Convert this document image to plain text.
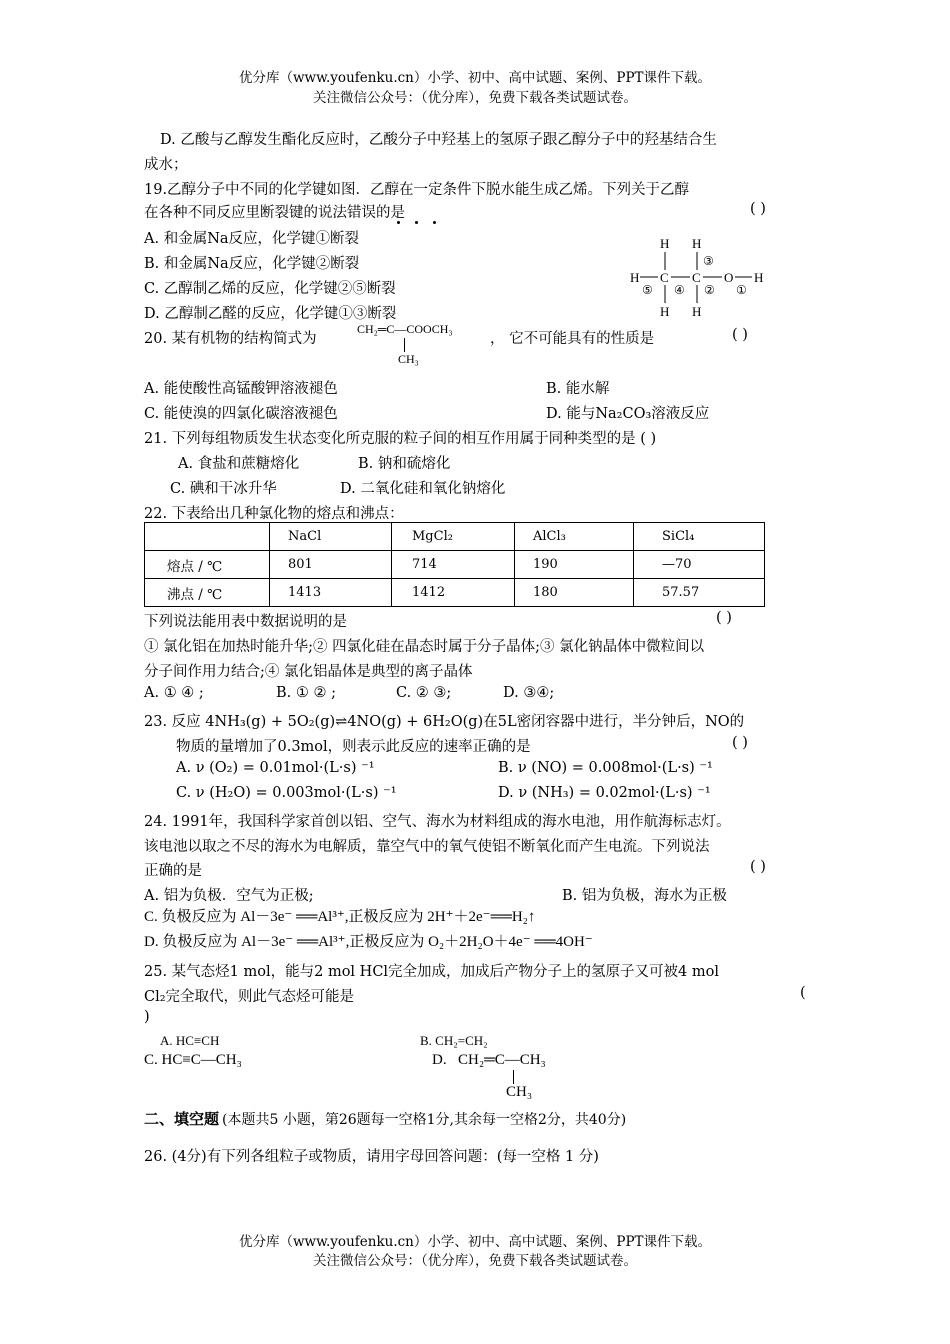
优分库（www.youfenku.cn）小学、初中、高中试题、案例、PPT课件下载。
关注微信公众号：（优分库），免费下载各类试题试卷。
D. 乙酸与乙醇发生酯化反应时，乙酸分子中羟基上的氢原子跟乙醇分子中的羟基结合生
成水；
19.乙醇分子中不同的化学键如图．乙醇在一定条件下脱水能生成乙烯。下列关于乙醇
在各种不同反应里断裂键的说法错误的是	( )
A. 和金属Na反应，化学键①断裂
B. 和金属Na反应，化学键②断裂
C. 乙醇制乙烯的反应，化学键②⑤断裂
D. 乙醇制乙醛的反应，化学键①③断裂
H H
H C C O H
H H
③
⑤ ④ ② ①
20. 某有机物的结构简式为
CH₂═C—COOCH₃
CH₃
， 它不可能具有的性质是	( )
A. 能使酸性高锰酸钾溶液褪色	B. 能水解
C. 能使溴的四氯化碳溶液褪色	D. 能与Na₂CO₃溶液反应
21. 下列每组物质发生状态变化所克服的粒子间的相互作用属于同种类型的是 ( )
A. 食盐和蔗糖熔化	B. 钠和硫熔化
C. 碘和干冰升华	D. 二氧化硅和氧化钠熔化
22. 下表给出几种氯化物的熔点和沸点：
	NaCl	MgCl₂	AlCl₃	SiCl₄
熔点 / ℃	801	714	190	—70
沸点 / ℃	1413	1412	180	57.57
下列说法能用表中数据说明的是	( )
① 氯化铝在加热时能升华;② 四氯化硅在晶态时属于分子晶体;③ 氯化钠晶体中微粒间以
分子间作用力结合;④ 氯化铝晶体是典型的离子晶体
A. ① ④ ;	B. ① ② ;	C. ② ③;	D. ③④;
23. 反应 4NH₃(g) + 5O₂(g)⇌4NO(g) + 6H₂O(g)在5L密闭容器中进行，半分钟后，NO的
物质的量增加了0.3mol，则表示此反应的速率正确的是	( )
A. ν (O₂) = 0.01mol·(L·s) ⁻¹	B. ν (NO) = 0.008mol·(L·s) ⁻¹
C. ν (H₂O) = 0.003mol·(L·s) ⁻¹	D. ν (NH₃) = 0.02mol·(L·s) ⁻¹
24. 1991年，我国科学家首创以铝、空气、海水为材料组成的海水电池，用作航海标志灯。
该电池以取之不尽的海水为电解质，靠空气中的氧气使铝不断氧化而产生电流。下列说法
正确的是	( )
A. 铝为负极．空气为正极;	B. 铝为负极，海水为正极
C. 负极反应为 Al－3e⁻ ══Al³⁺,正极反应为 2H⁺＋2e⁻══H₂↑
D. 负极反应为 Al－3e⁻ ══Al³⁺,正极反应为 O₂＋2H₂O＋4e⁻ ══4OH⁻
25. 某气态烃1 mol，能与2 mol HCl完全加成，加成后产物分子上的氢原子又可被4 mol
Cl₂完全取代，则此气态烃可能是	(
)
A. HC≡CH	B. CH₂=CH₂
C. HC≡C—CH₃	D. CH₂═C—CH₃
CH₃
二、填空题 (本题共5 小题，第26题每一空格1分,其余每一空格2分，共40分)
26. (4分)有下列各组粒子或物质，请用字母回答问题：(每一空格 1 分)
优分库（www.youfenku.cn）小学、初中、高中试题、案例、PPT课件下载。
关注微信公众号：（优分库），免费下载各类试题试卷。
